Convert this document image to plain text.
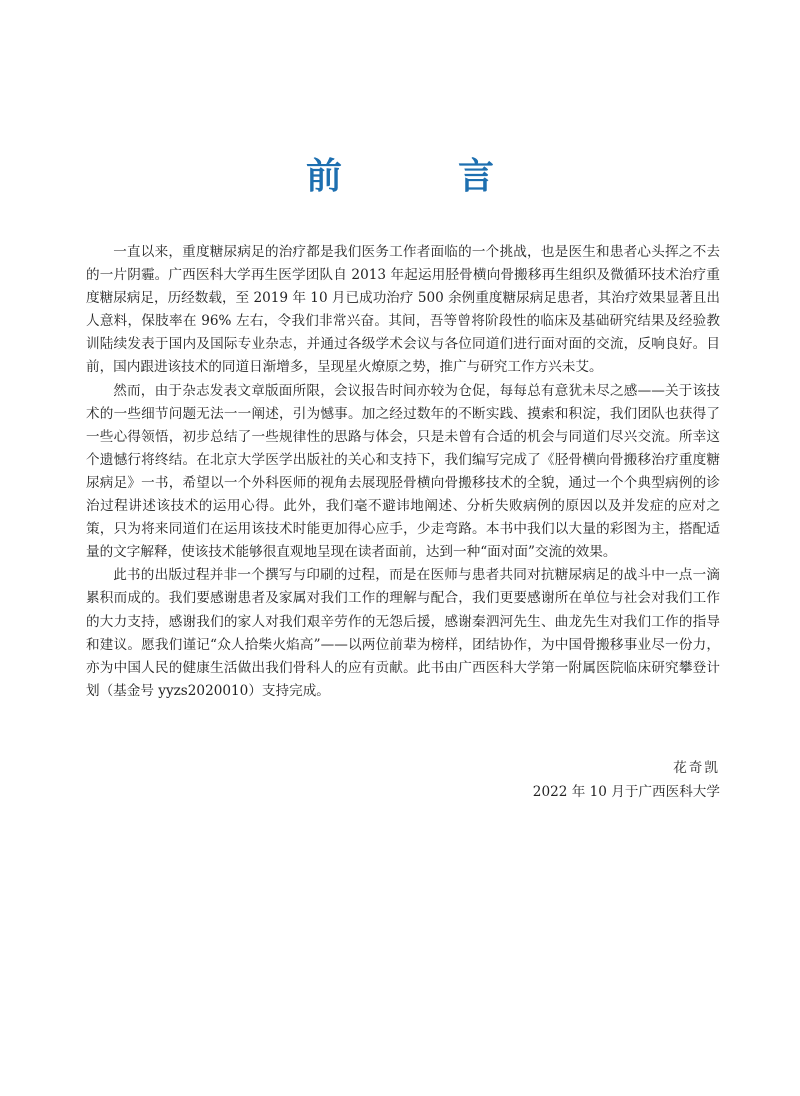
前　言

一直以来，重度糖尿病足的治疗都是我们医务工作者面临的一个挑战，也是医生和患者心头挥之不去的一片阴霾。广西医科大学再生医学团队自 2013 年起运用胫骨横向骨搬移再生组织及微循环技术治疗重度糖尿病足，历经数载，至 2019 年 10 月已成功治疗 500 余例重度糖尿病足患者，其治疗效果显著且出人意料，保肢率在 96% 左右，令我们非常兴奋。其间，吾等曾将阶段性的临床及基础研究结果及经验教训陆续发表于国内及国际专业杂志，并通过各级学术会议与各位同道们进行面对面的交流，反响良好。目前，国内跟进该技术的同道日渐增多，呈现星火燎原之势，推广与研究工作方兴未艾。

然而，由于杂志发表文章版面所限，会议报告时间亦较为仓促，每每总有意犹未尽之感——关于该技术的一些细节问题无法一一阐述，引为憾事。加之经过数年的不断实践、摸索和积淀，我们团队也获得了一些心得领悟，初步总结了一些规律性的思路与体会，只是未曾有合适的机会与同道们尽兴交流。所幸这个遗憾行将终结。在北京大学医学出版社的关心和支持下，我们编写完成了《胫骨横向骨搬移治疗重度糖尿病足》一书，希望以一个外科医师的视角去展现胫骨横向骨搬移技术的全貌，通过一个个典型病例的诊治过程讲述该技术的运用心得。此外，我们毫不避讳地阐述、分析失败病例的原因以及并发症的应对之策，只为将来同道们在运用该技术时能更加得心应手，少走弯路。本书中我们以大量的彩图为主，搭配适量的文字解释，使该技术能够很直观地呈现在读者面前，达到一种“面对面”交流的效果。

此书的出版过程并非一个撰写与印刷的过程，而是在医师与患者共同对抗糖尿病足的战斗中一点一滴累积而成的。我们要感谢患者及家属对我们工作的理解与配合，我们更要感谢所在单位与社会对我们工作的大力支持，感谢我们的家人对我们艰辛劳作的无怨后援，感谢秦泗河先生、曲龙先生对我们工作的指导和建议。愿我们谨记“众人拾柴火焰高”——以两位前辈为榜样，团结协作，为中国骨搬移事业尽一份力，亦为中国人民的健康生活做出我们骨科人的应有贡献。此书由广西医科大学第一附属医院临床研究攀登计划（基金号 yyzs2020010）支持完成。

花奇凯
2022 年 10 月于广西医科大学
